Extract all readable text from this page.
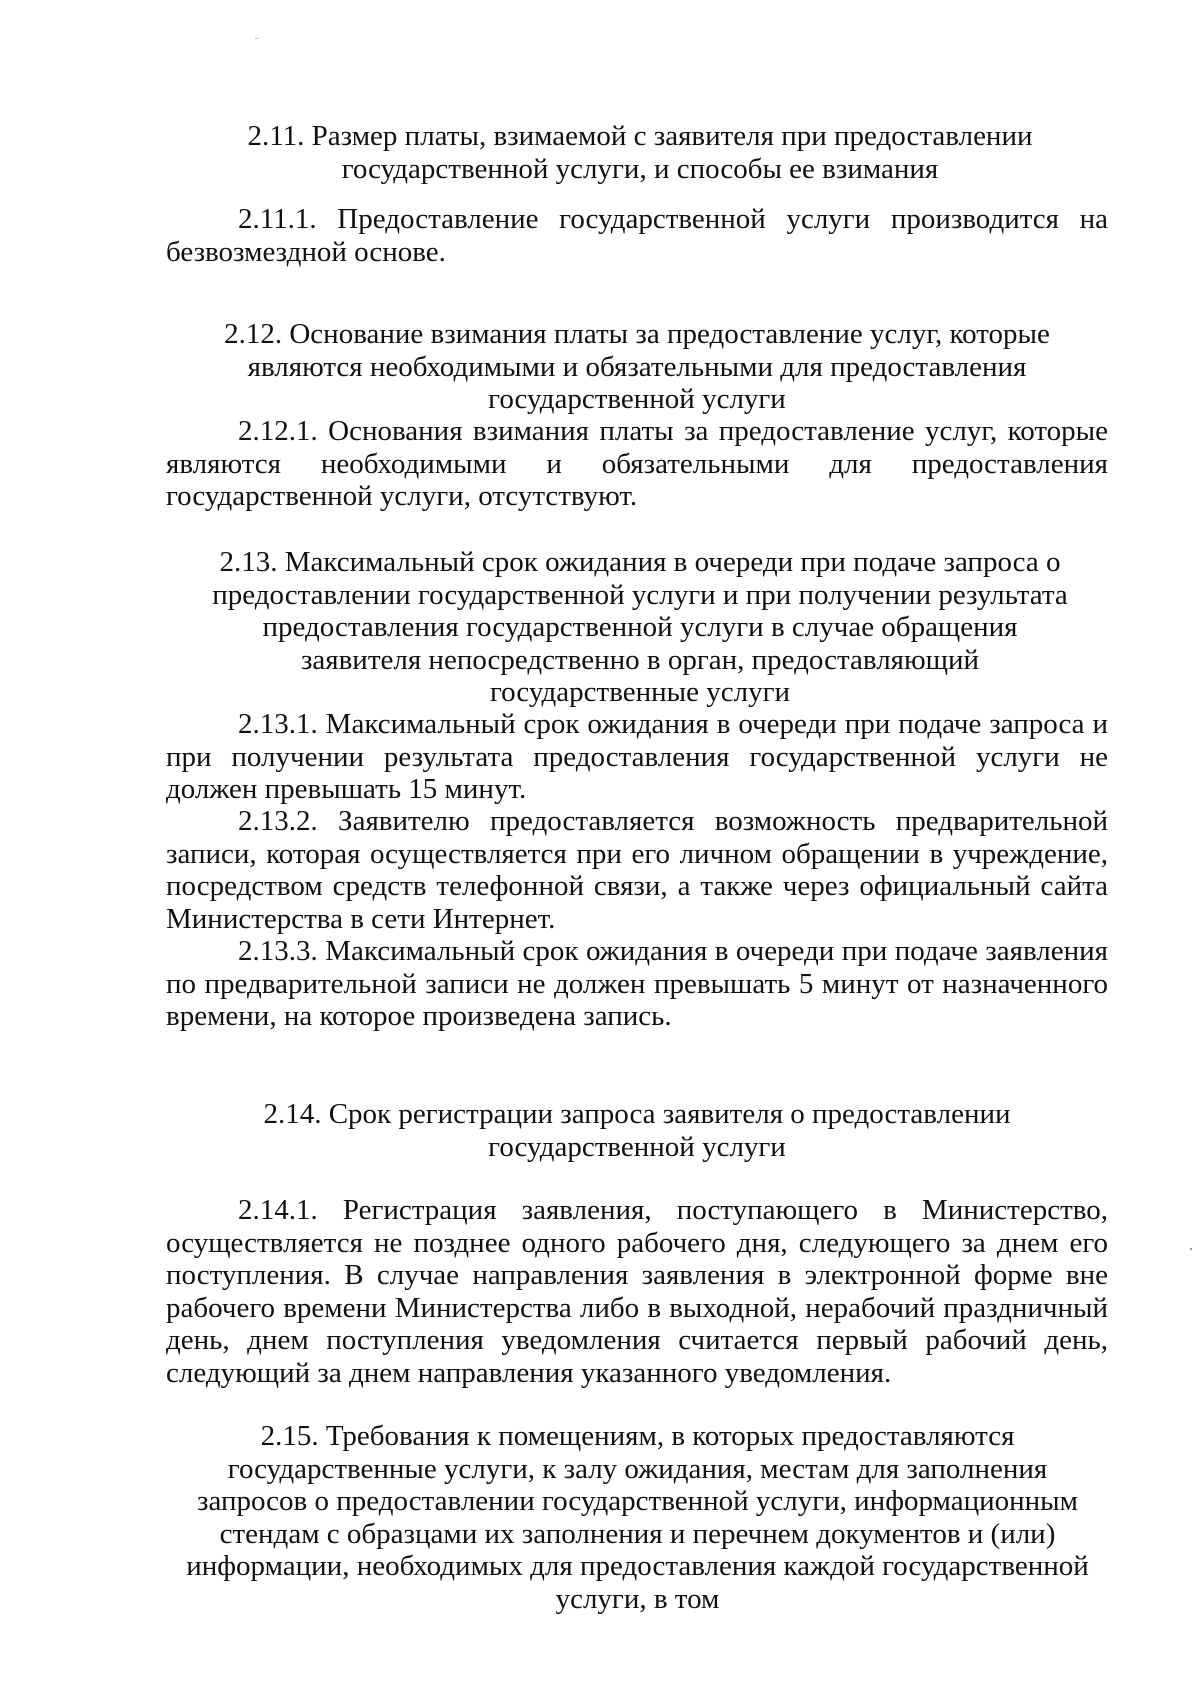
2.11. Размер платы, взимаемой с заявителя при предоставлении государственной услуги, и способы ее взимания
2.11.1. Предоставление государственной услуги производится на безвозмездной основе.
2.12. Основание взимания платы за предоставление услуг, которые являются необходимыми и обязательными для предоставления государственной услуги
2.12.1. Основания взимания платы за предоставление услуг, которые являются необходимыми и обязательными для предоставления государственной услуги, отсутствуют.
2.13. Максимальный срок ожидания в очереди при подаче запроса о предоставлении государственной услуги и при получении результата предоставления государственной услуги в случае обращения заявителя непосредственно в орган, предоставляющий государственные услуги
2.13.1. Максимальный срок ожидания в очереди при подаче запроса и при получении результата предоставления государственной услуги не должен превышать 15 минут.
2.13.2. Заявителю предоставляется возможность предварительной записи, которая осуществляется при его личном обращении в учреждение, посредством средств телефонной связи, а также через официальный сайта Министерства в сети Интернет.
2.13.3. Максимальный срок ожидания в очереди при подаче заявления по предварительной записи не должен превышать 5 минут от назначенного времени, на которое произведена запись.
2.14. Срок регистрации запроса заявителя о предоставлении государственной услуги
2.14.1. Регистрация заявления, поступающего в Министерство, осуществляется не позднее одного рабочего дня, следующего за днем его поступления. В случае направления заявления в электронной форме вне рабочего времени Министерства либо в выходной, нерабочий праздничный день, днем поступления уведомления считается первый рабочий день, следующий за днем направления указанного уведомления.
2.15. Требования к помещениям, в которых предоставляются государственные услуги, к залу ожидания, местам для заполнения запросов о предоставлении государственной услуги, информационным стендам с образцами их заполнения и перечнем документов и (или) информации, необходимых для предоставления каждой государственной услуги, в том
